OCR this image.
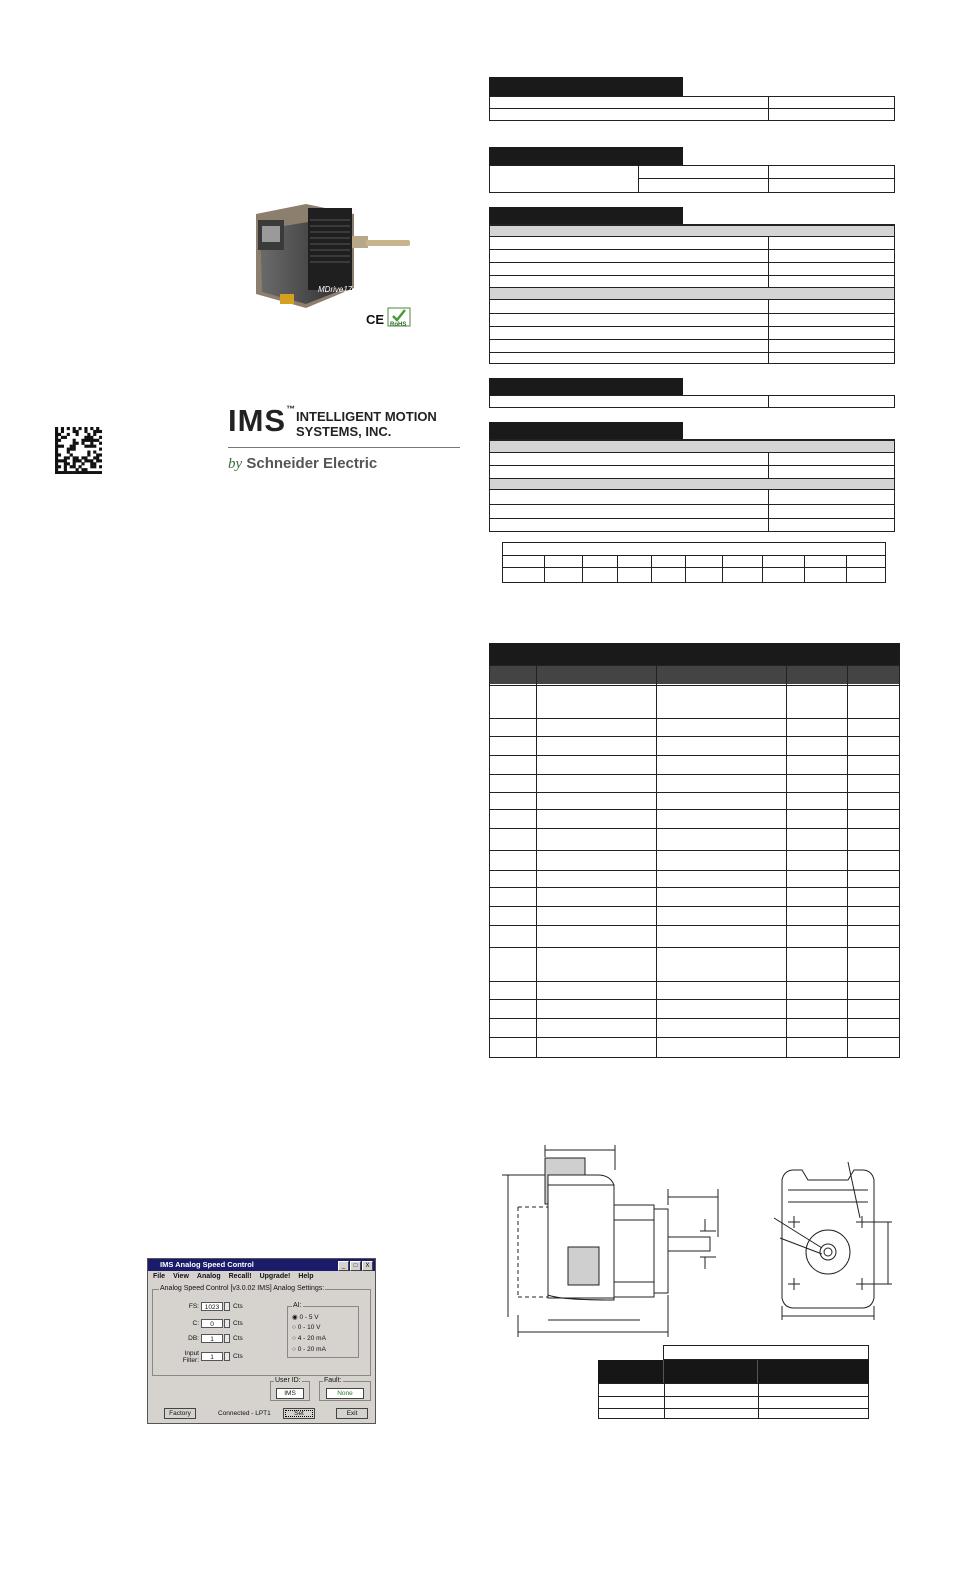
MDrive17
CE RoHS
IMS™ INTELLIGENT MOTION
SYSTEMS, INC.
by Schneider Electric
IMS Analog Speed Control	_	□	X
File View Analog Recall! Upgrade! Help
Analog Speed Control [v3.0.02 IMS] Analog Settings:
FS: 1023	Cts
C:	0	Cts
DB:	1	Cts
Input Filter:	1	Cts
AI:
◉ 0 - 5 V
○ 0 - 10 V
○ 4 - 20 mA
○ 0 - 20 mA
User ID:
IMS
Fault:
None
Factory	Connected - LPT1	Set	Exit
